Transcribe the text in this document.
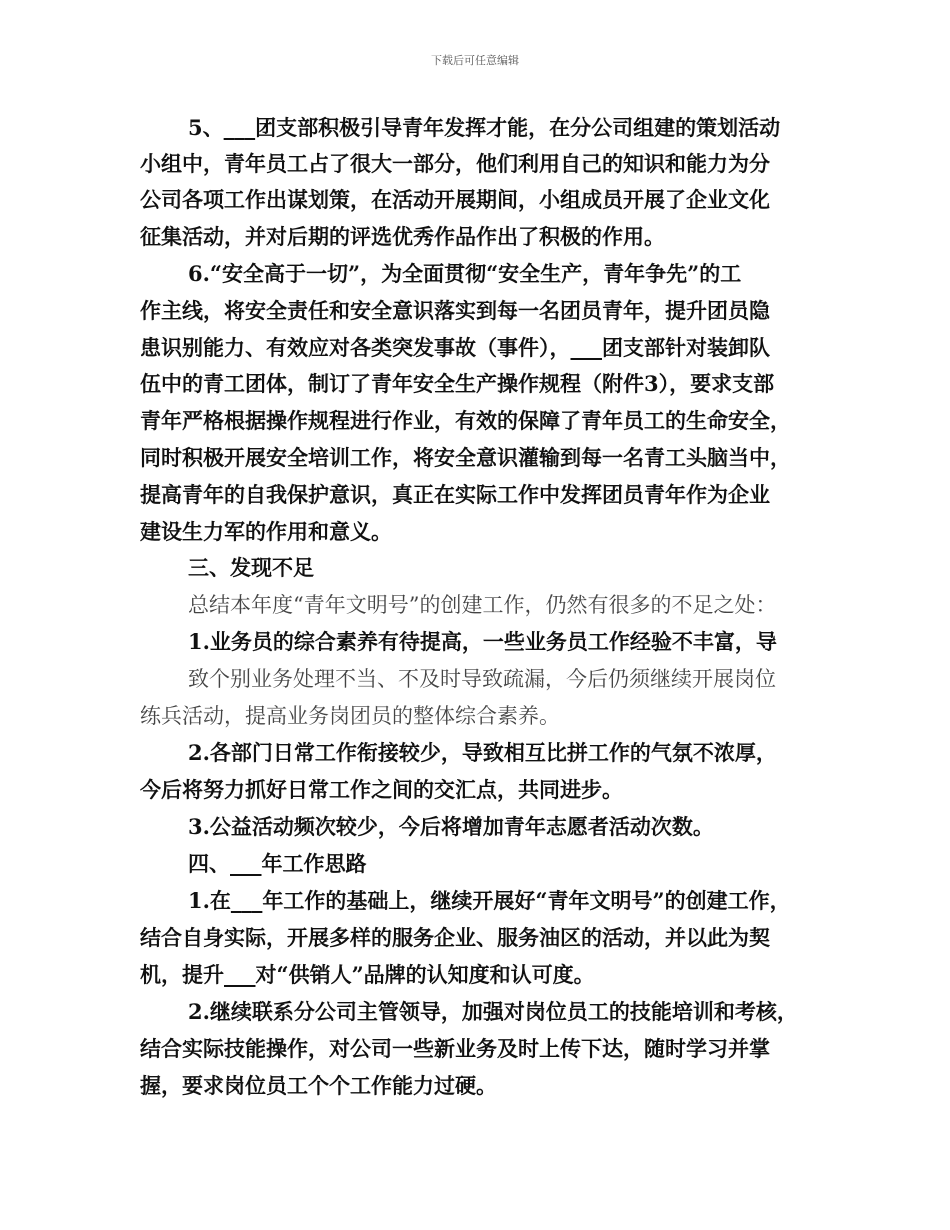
下载后可任意编辑
5、___团支部积极引导青年发挥才能，在分公司组建的策划活动
小组中，青年员工占了很大一部分，他们利用自己的知识和能力为分
公司各项工作出谋划策，在活动开展期间，小组成员开展了企业文化
征集活动，并对后期的评选优秀作品作出了积极的作用。
6.“安全高于一切”，为全面贯彻“安全生产，青年争先”的工
作主线，将安全责任和安全意识落实到每一名团员青年，提升团员隐
患识别能力、有效应对各类突发事故（事件），___团支部针对装卸队
伍中的青工团体，制订了青年安全生产操作规程（附件3），要求支部
青年严格根据操作规程进行作业，有效的保障了青年员工的生命安全，
同时积极开展安全培训工作，将安全意识灌输到每一名青工头脑当中，
提高青年的自我保护意识，真正在实际工作中发挥团员青年作为企业
建设生力军的作用和意义。
三、发现不足
总结本年度“青年文明号”的创建工作，仍然有很多的不足之处：
1.业务员的综合素养有待提高，一些业务员工作经验不丰富，导
致个别业务处理不当、不及时导致疏漏，今后仍须继续开展岗位
练兵活动，提高业务岗团员的整体综合素养。
2.各部门日常工作衔接较少，导致相互比拼工作的气氛不浓厚，
今后将努力抓好日常工作之间的交汇点，共同进步。
3.公益活动频次较少，今后将增加青年志愿者活动次数。
四、___年工作思路
1.在___年工作的基础上，继续开展好“青年文明号”的创建工作，
结合自身实际，开展多样的服务企业、服务油区的活动，并以此为契
机，提升___对“供销人”品牌的认知度和认可度。
2.继续联系分公司主管领导，加强对岗位员工的技能培训和考核，
结合实际技能操作，对公司一些新业务及时上传下达，随时学习并掌
握，要求岗位员工个个工作能力过硬。
